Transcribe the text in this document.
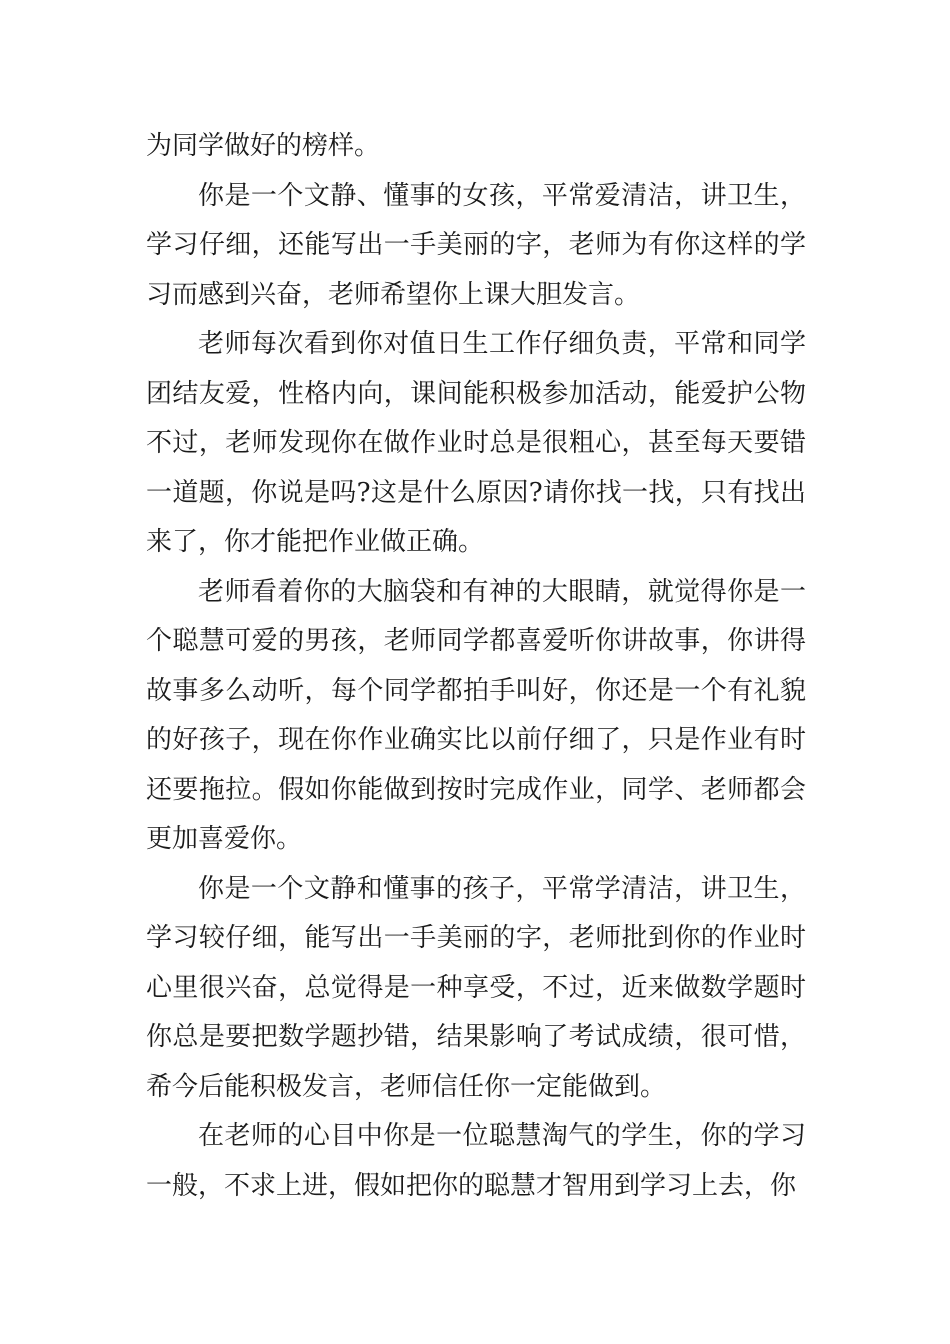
为同学做好的榜样。

你是一个文静、懂事的女孩，平常爱清洁，讲卫生，学习仔细，还能写出一手美丽的字，老师为有你这样的学习而感到兴奋，老师希望你上课大胆发言。

老师每次看到你对值日生工作仔细负责，平常和同学团结友爱，性格内向，课间能积极参加活动，能爱护公物不过，老师发现你在做作业时总是很粗心，甚至每天要错一道题，你说是吗?这是什么原因?请你找一找，只有找出来了，你才能把作业做正确。

老师看着你的大脑袋和有神的大眼睛，就觉得你是一个聪慧可爱的男孩，老师同学都喜爱听你讲故事，你讲得故事多么动听，每个同学都拍手叫好，你还是一个有礼貌的好孩子，现在你作业确实比以前仔细了，只是作业有时还要拖拉。假如你能做到按时完成作业，同学、老师都会更加喜爱你。

你是一个文静和懂事的孩子，平常学清洁，讲卫生，学习较仔细，能写出一手美丽的字，老师批到你的作业时心里很兴奋，总觉得是一种享受，不过，近来做数学题时你总是要把数学题抄错，结果影响了考试成绩，很可惜，希今后能积极发言，老师信任你一定能做到。

在老师的心目中你是一位聪慧淘气的学生，你的学习一般，不求上进，假如把你的聪慧才智用到学习上去，你
